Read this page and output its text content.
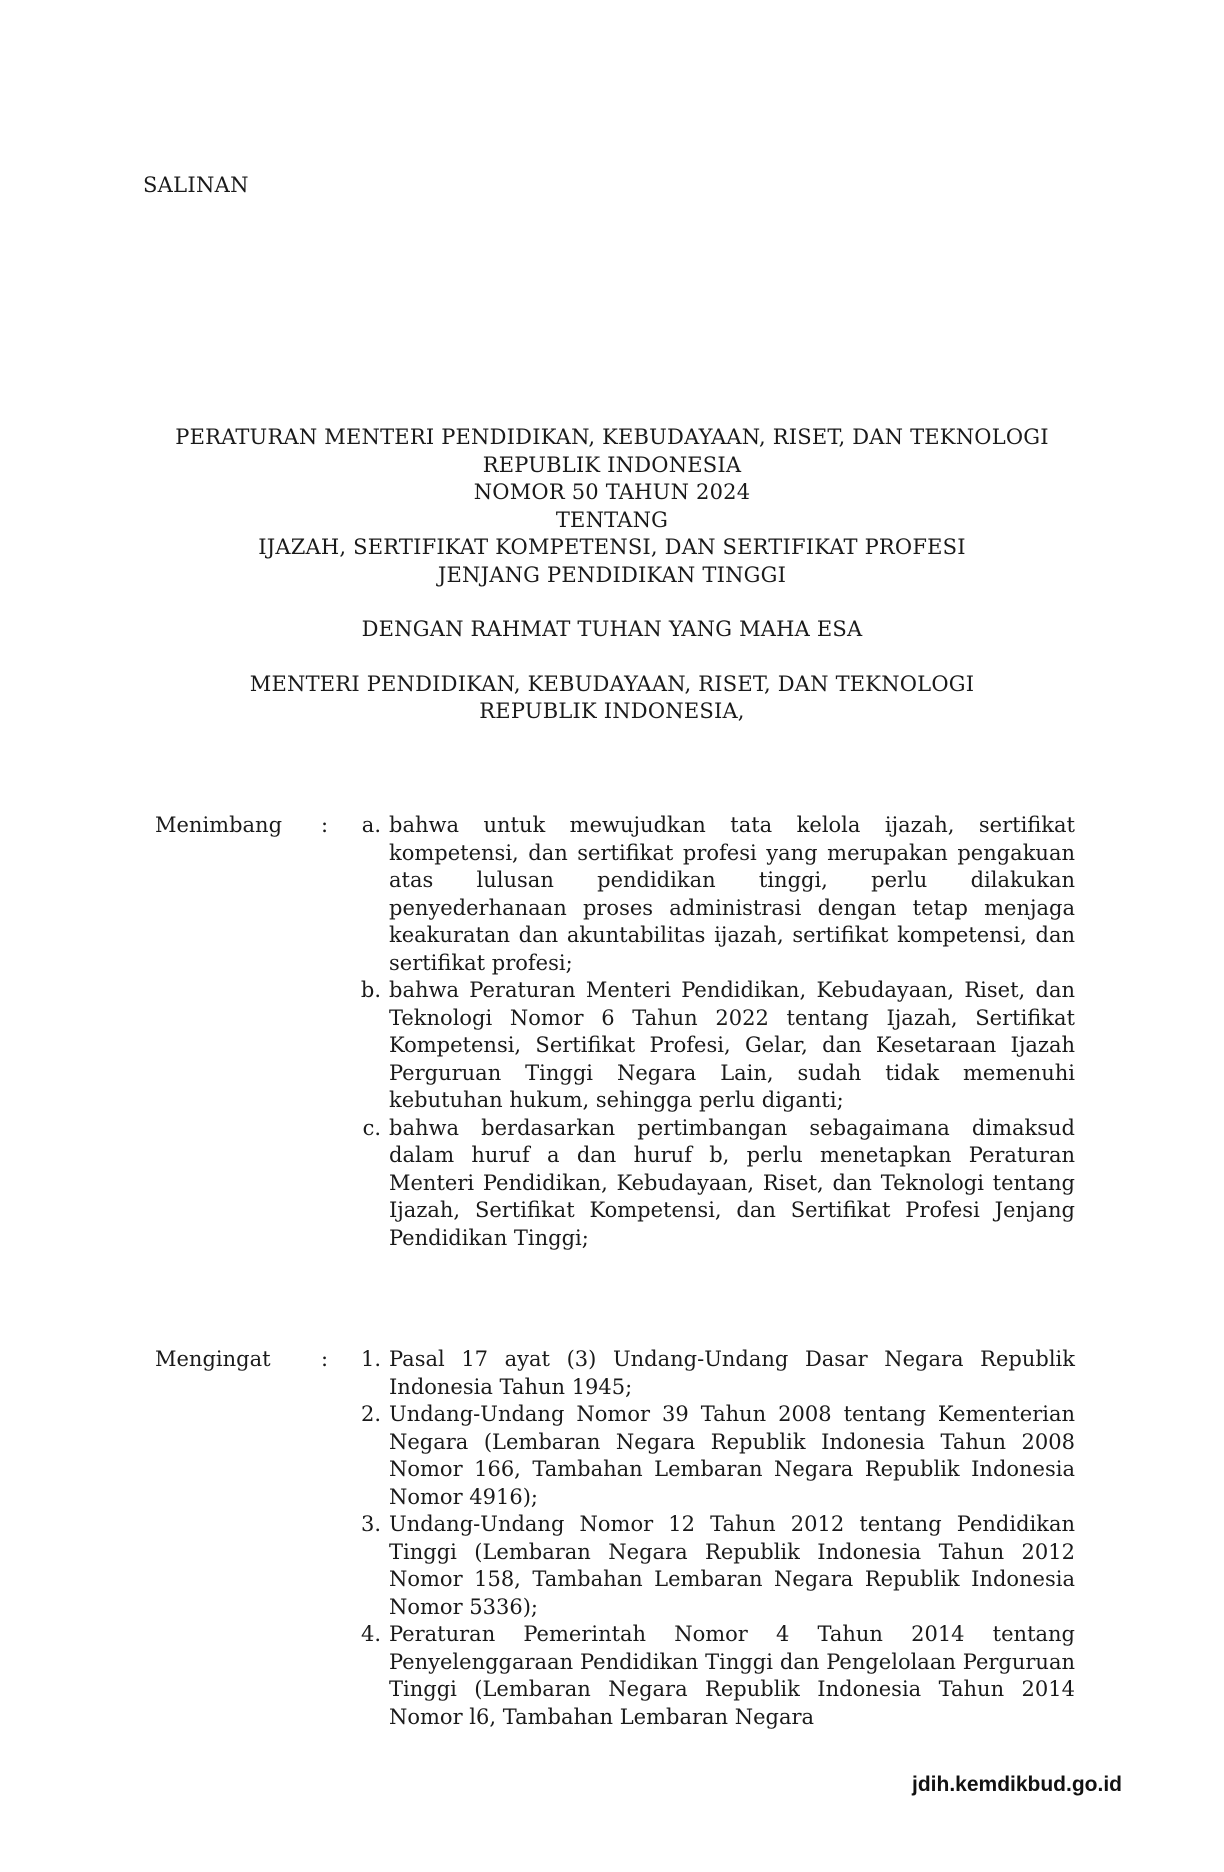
SALINAN
PERATURAN MENTERI PENDIDIKAN, KEBUDAYAAN, RISET, DAN TEKNOLOGI
REPUBLIK INDONESIA
NOMOR 50 TAHUN 2024
TENTANG
IJAZAH, SERTIFIKAT KOMPETENSI, DAN SERTIFIKAT PROFESI
JENJANG PENDIDIKAN TINGGI
DENGAN RAHMAT TUHAN YANG MAHA ESA
MENTERI PENDIDIKAN, KEBUDAYAAN, RISET, DAN TEKNOLOGI
REPUBLIK INDONESIA,
Menimbang	:	a. bahwa untuk mewujudkan tata kelola ijazah, sertifikat kompetensi, dan sertifikat profesi yang merupakan pengakuan atas lulusan pendidikan tinggi, perlu dilakukan penyederhanaan proses administrasi dengan tetap menjaga keakuratan dan akuntabilitas ijazah, sertifikat kompetensi, dan sertifikat profesi;
b. bahwa Peraturan Menteri Pendidikan, Kebudayaan, Riset, dan Teknologi Nomor 6 Tahun 2022 tentang Ijazah, Sertifikat Kompetensi, Sertifikat Profesi, Gelar, dan Kesetaraan Ijazah Perguruan Tinggi Negara Lain, sudah tidak memenuhi kebutuhan hukum, sehingga perlu diganti;
c. bahwa berdasarkan pertimbangan sebagaimana dimaksud dalam huruf a dan huruf b, perlu menetapkan Peraturan Menteri Pendidikan, Kebudayaan, Riset, dan Teknologi tentang Ijazah, Sertifikat Kompetensi, dan Sertifikat Profesi Jenjang Pendidikan Tinggi;
Mengingat	:	1. Pasal 17 ayat (3) Undang-Undang Dasar Negara Republik Indonesia Tahun 1945;
2. Undang-Undang Nomor 39 Tahun 2008 tentang Kementerian Negara (Lembaran Negara Republik Indonesia Tahun 2008 Nomor 166, Tambahan Lembaran Negara Republik Indonesia Nomor 4916);
3. Undang-Undang Nomor 12 Tahun 2012 tentang Pendidikan Tinggi (Lembaran Negara Republik Indonesia Tahun 2012 Nomor 158, Tambahan Lembaran Negara Republik Indonesia Nomor 5336);
4. Peraturan Pemerintah Nomor 4 Tahun 2014 tentang Penyelenggaraan Pendidikan Tinggi dan Pengelolaan Perguruan Tinggi (Lembaran Negara Republik Indonesia Tahun 2014 Nomor l6, Tambahan Lembaran Negara
jdih.kemdikbud.go.id
